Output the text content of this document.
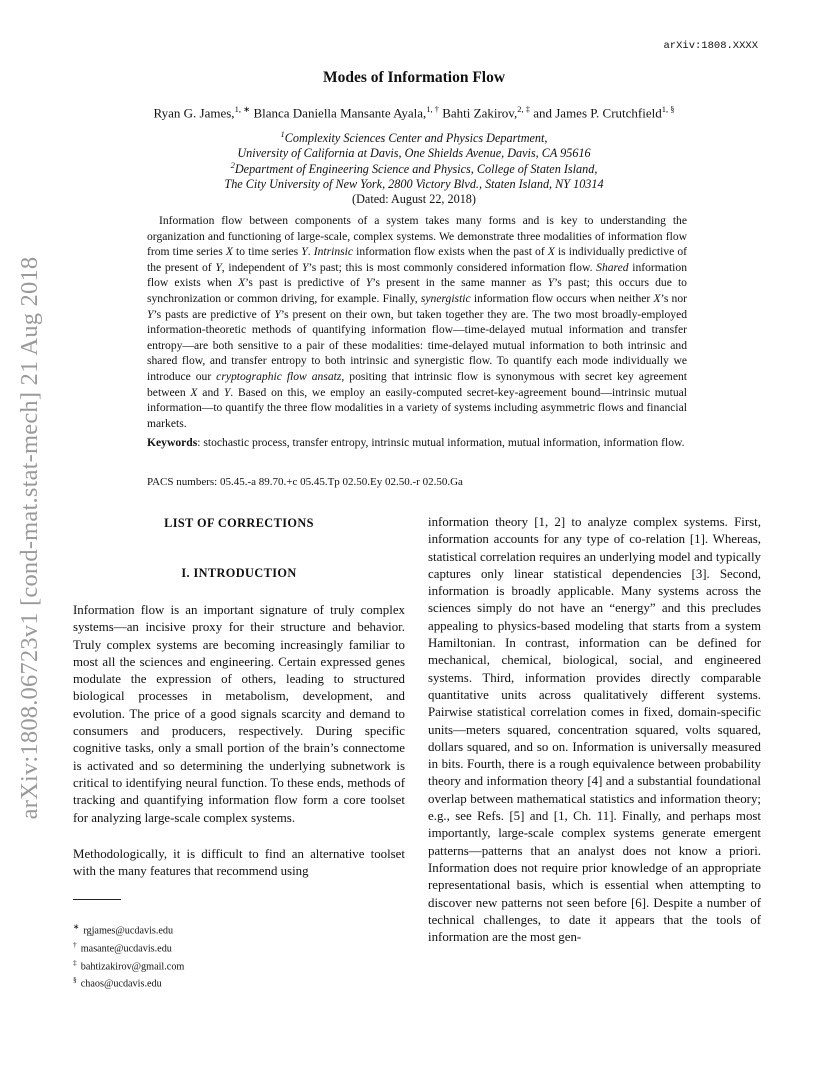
arXiv:1808.XXXX
arXiv:1808.06723v1 [cond-mat.stat-mech] 21 Aug 2018
Modes of Information Flow
Ryan G. James,$^{1, ∗}$ Blanca Daniella Mansante Ayala,$^{1, \dagger}$ Bahti Zakirov,$^{2, \ddagger}$ and James P. Crutchfield$^{1, \S}$
$^1$Complexity Sciences Center and Physics Department,
University of California at Davis, One Shields Avenue, Davis, CA 95616
$^2$Department of Engineering Science and Physics, College of Staten Island,
The City University of New York, 2800 Victory Blvd., Staten Island, NY 10314
(Dated: August 22, 2018)

Information flow between components of a system takes many forms and is key to understanding the organization and functioning of large-scale, complex systems. We demonstrate three modalities of information flow from time series X to time series Y. Intrinsic information flow exists when the past of X is individually predictive of the present of Y, independent of Y’s past; this is most commonly considered information flow. Shared information flow exists when X’s past is predictive of Y’s present in the same manner as Y’s past; this occurs due to synchronization or common driving, for example. Finally, synergistic information flow occurs when neither X’s nor Y’s pasts are predictive of Y’s present on their own, but taken together they are. The two most broadly-employed information-theoretic methods of quantifying information flow—time-delayed mutual information and transfer entropy—are both sensitive to a pair of these modalities: time-delayed mutual information to both intrinsic and shared flow, and transfer entropy to both intrinsic and synergistic flow. To quantify each mode individually we introduce our cryptographic flow ansatz, positing that intrinsic flow is synonymous with secret key agreement between X and Y. Based on this, we employ an easily-computed secret-key-agreement bound—intrinsic mutual information—to quantify the three flow modalities in a variety of systems including asymmetric flows and financial markets.

Keywords: stochastic process, transfer entropy, intrinsic mutual information, mutual information, information flow.
PACS numbers: 05.45.-a 89.70.+c 05.45.Tp 02.50.Ey 02.50.-r 02.50.Ga
LIST OF CORRECTIONS
I. INTRODUCTION

Information flow is an important signature of truly complex systems—an incisive proxy for their structure and behavior. Truly complex systems are becoming increasingly familiar to most all the sciences and engineering. Certain expressed genes modulate the expression of others, leading to structured biological processes in metabolism, development, and evolution. The price of a good signals scarcity and demand to consumers and producers, respectively. During specific cognitive tasks, only a small portion of the brain’s connectome is activated and so determining the underlying subnetwork is critical to identifying neural function. To these ends, methods of tracking and quantifying information flow form a core toolset for analyzing large-scale complex systems.

Methodologically, it is difficult to find an alternative toolset with the many features that recommend using

information theory [1, 2] to analyze complex systems. First, information accounts for any type of co-relation [1]. Whereas, statistical correlation requires an underlying model and typically captures only linear statistical dependencies [3]. Second, information is broadly applicable. Many systems across the sciences simply do not have an “energy” and this precludes appealing to physics-based modeling that starts from a system Hamiltonian. In contrast, information can be defined for mechanical, chemical, biological, social, and engineered systems. Third, information provides directly comparable quantitative units across qualitatively different systems. Pairwise statistical correlation comes in fixed, domain-specific units—meters squared, concentration squared, volts squared, dollars squared, and so on. Information is universally measured in bits. Fourth, there is a rough equivalence between probability theory and information theory [4] and a substantial foundational overlap between mathematical statistics and information theory; e.g., see Refs. [5] and [1, Ch. 11]. Finally, and perhaps most importantly, large-scale complex systems generate emergent patterns—patterns that an analyst does not know a priori. Information does not require prior knowledge of an appropriate representational basis, which is essential when attempting to discover new patterns not seen before [6]. Despite a number of technical challenges, to date it appears that the tools of information are the most gen-

∗ rgjames@ucdavis.edu
† masante@ucdavis.edu
‡ bahtizakirov@gmail.com
§ chaos@ucdavis.edu
